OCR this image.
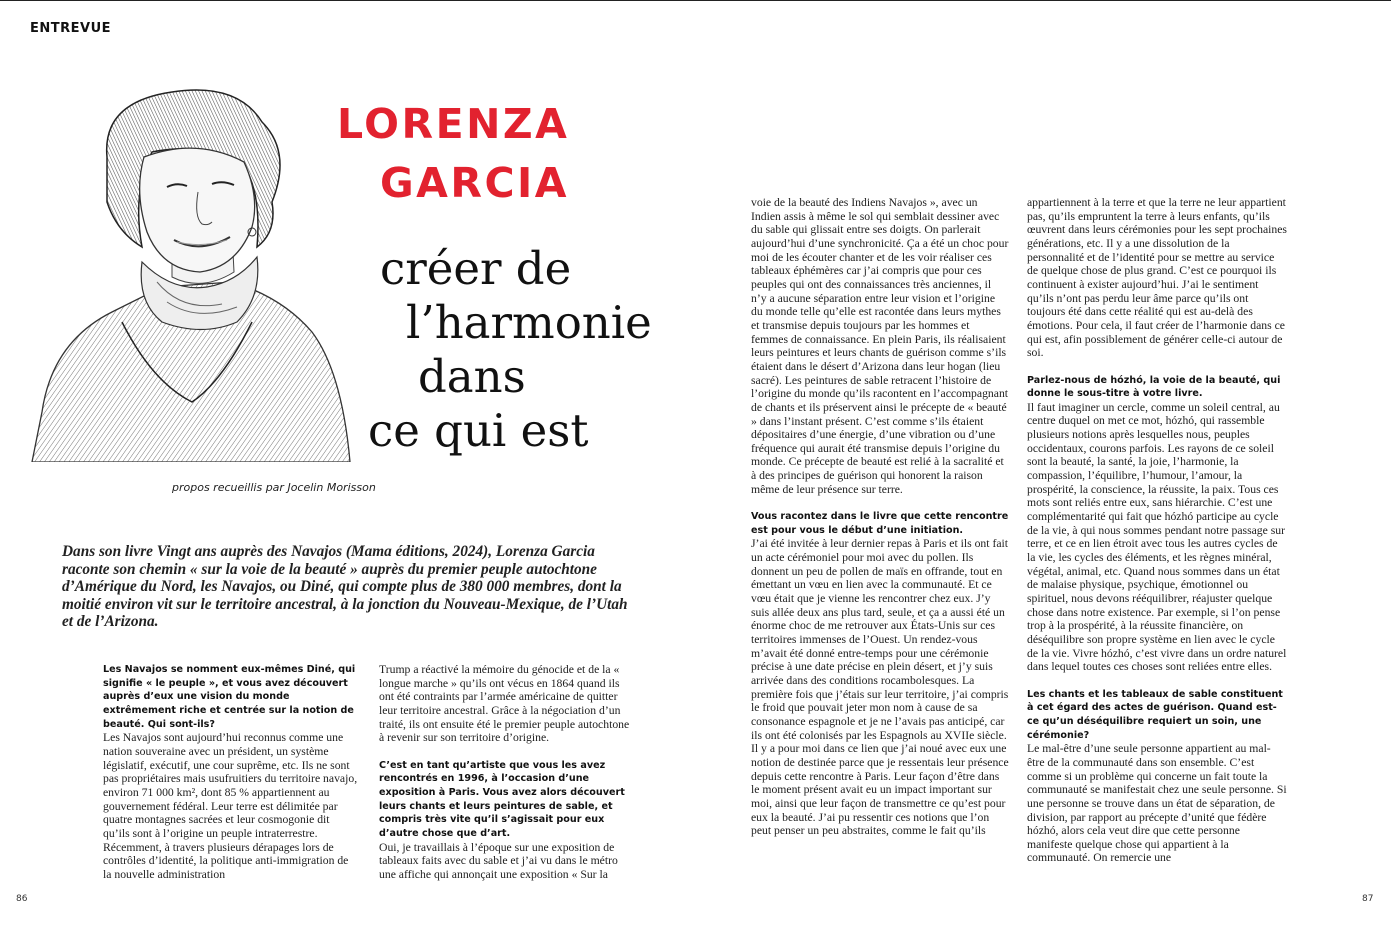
ENTREVUE
LORENZA
GARCIA
créer de
l’harmonie
dans
ce qui est
propos recueillis par Jocelin Morisson
Dans son livre Vingt ans auprès des Navajos (Mama éditions, 2024), Lorenza Garcia raconte son chemin « sur la voie de la beauté » auprès du premier peuple autochtone d’Amérique du Nord, les Navajos, ou Diné, qui compte plus de 380 000 membres, dont la moitié environ vit sur le territoire ancestral, à la jonction du Nouveau-Mexique, de l’Utah et de l’Arizona.

Les Navajos se nomment eux-mêmes Diné, qui signifie « le peuple », et vous avez découvert auprès d’eux une vision du monde extrêmement riche et centrée sur la notion de beauté. Qui sont-ils?

Les Navajos sont aujourd’hui reconnus comme une nation souveraine avec un président, un système législatif, exécutif, une cour suprême, etc. Ils ne sont pas propriétaires mais usufruitiers du territoire navajo, environ 71 000 km², dont 85 % appartiennent au gouvernement fédéral. Leur terre est délimitée par quatre montagnes sacrées et leur cosmogonie dit qu’ils sont à l’origine un peuple intraterrestre. Récemment, à travers plusieurs dérapages lors de contrôles d’identité, la politique anti-immigration de la nouvelle administration

Trump a réactivé la mémoire du génocide et de la « longue marche » qu’ils ont vécus en 1864 quand ils ont été contraints par l’armée américaine de quitter leur territoire ancestral. Grâce à la négociation d’un traité, ils ont ensuite été le premier peuple autochtone à revenir sur son territoire d’origine.

C’est en tant qu’artiste que vous les avez rencontrés en 1996, à l’occasion d’une exposition à Paris. Vous avez alors découvert leurs chants et leurs peintures de sable, et compris très vite qu’il s’agissait pour eux d’autre chose que d’art.

Oui, je travaillais à l’époque sur une exposition de tableaux faits avec du sable et j’ai vu dans le métro une affiche qui annonçait une exposition « Sur la

voie de la beauté des Indiens Navajos », avec un Indien assis à même le sol qui semblait dessiner avec du sable qui glissait entre ses doigts. On parlerait aujourd’hui d’une synchronicité. Ça a été un choc pour moi de les écouter chanter et de les voir réaliser ces tableaux éphémères car j’ai compris que pour ces peuples qui ont des connaissances très anciennes, il n’y a aucune séparation entre leur vision et l’origine du monde telle qu’elle est racontée dans leurs mythes et transmise depuis toujours par les hommes et femmes de connaissance. En plein Paris, ils réalisaient leurs peintures et leurs chants de guérison comme s’ils étaient dans le désert d’Arizona dans leur hogan (lieu sacré). Les peintures de sable retracent l’histoire de l’origine du monde qu’ils racontent en l’accompagnant de chants et ils préservent ainsi le précepte de « beauté » dans l’instant présent. C’est comme s’ils étaient dépositaires d’une énergie, d’une vibration ou d’une fréquence qui aurait été transmise depuis l’origine du monde. Ce précepte de beauté est relié à la sacralité et à des principes de guérison qui honorent la raison même de leur présence sur terre.

Vous racontez dans le livre que cette rencontre est pour vous le début d’une initiation.

J’ai été invitée à leur dernier repas à Paris et ils ont fait un acte cérémoniel pour moi avec du pollen. Ils donnent un peu de pollen de maïs en offrande, tout en émettant un vœu en lien avec la communauté. Et ce vœu était que je vienne les rencontrer chez eux. J’y suis allée deux ans plus tard, seule, et ça a aussi été un énorme choc de me retrouver aux États-Unis sur ces territoires immenses de l’Ouest. Un rendez-vous m’avait été donné entre-temps pour une cérémonie précise à une date précise en plein désert, et j’y suis arrivée dans des conditions rocambolesques. La première fois que j’étais sur leur territoire, j’ai compris le froid que pouvait jeter mon nom à cause de sa consonance espagnole et je ne l’avais pas anticipé, car ils ont été colonisés par les Espagnols au XVIIe siècle. Il y a pour moi dans ce lien que j’ai noué avec eux une notion de destinée parce que je ressentais leur présence depuis cette rencontre à Paris. Leur façon d’être dans le moment présent avait eu un impact important sur moi, ainsi que leur façon de transmettre ce qu’est pour eux la beauté. J’ai pu ressentir ces notions que l’on peut penser un peu abstraites, comme le fait qu’ils

appartiennent à la terre et que la terre ne leur appartient pas, qu’ils empruntent la terre à leurs enfants, qu’ils œuvrent dans leurs cérémonies pour les sept prochaines générations, etc. Il y a une dissolution de la personnalité et de l’identité pour se mettre au service de quelque chose de plus grand. C’est ce pourquoi ils continuent à exister aujourd’hui. J’ai le sentiment qu’ils n’ont pas perdu leur âme parce qu’ils ont toujours été dans cette réalité qui est au-delà des émotions. Pour cela, il faut créer de l’harmonie dans ce qui est, afin possiblement de générer celle-ci autour de soi.

Parlez-nous de hózhó, la voie de la beauté, qui donne le sous-titre à votre livre.

Il faut imaginer un cercle, comme un soleil central, au centre duquel on met ce mot, hózhó, qui rassemble plusieurs notions après lesquelles nous, peuples occidentaux, courons parfois. Les rayons de ce soleil sont la beauté, la santé, la joie, l’harmonie, la compassion, l’équilibre, l’humour, l’amour, la prospérité, la conscience, la réussite, la paix. Tous ces mots sont reliés entre eux, sans hiérarchie. C’est une complémentarité qui fait que hózhó participe au cycle de la vie, à qui nous sommes pendant notre passage sur terre, et ce en lien étroit avec tous les autres cycles de la vie, les cycles des éléments, et les règnes minéral, végétal, animal, etc. Quand nous sommes dans un état de malaise physique, psychique, émotionnel ou spirituel, nous devons rééquilibrer, réajuster quelque chose dans notre existence. Par exemple, si l’on pense trop à la prospérité, à la réussite financière, on déséquilibre son propre système en lien avec le cycle de la vie. Vivre hózhó, c’est vivre dans un ordre naturel dans lequel toutes ces choses sont reliées entre elles.

Les chants et les tableaux de sable constituent à cet égard des actes de guérison. Quand est-ce qu’un déséquilibre requiert un soin, une cérémonie?

Le mal-être d’une seule personne appartient au mal-être de la communauté dans son ensemble. C’est comme si un problème qui concerne un fait toute la communauté se manifestait chez une seule personne. Si une personne se trouve dans un état de séparation, de division, par rapport au précepte d’unité que fédère hózhó, alors cela veut dire que cette personne manifeste quelque chose qui appartient à la communauté. On remercie une

86	87
